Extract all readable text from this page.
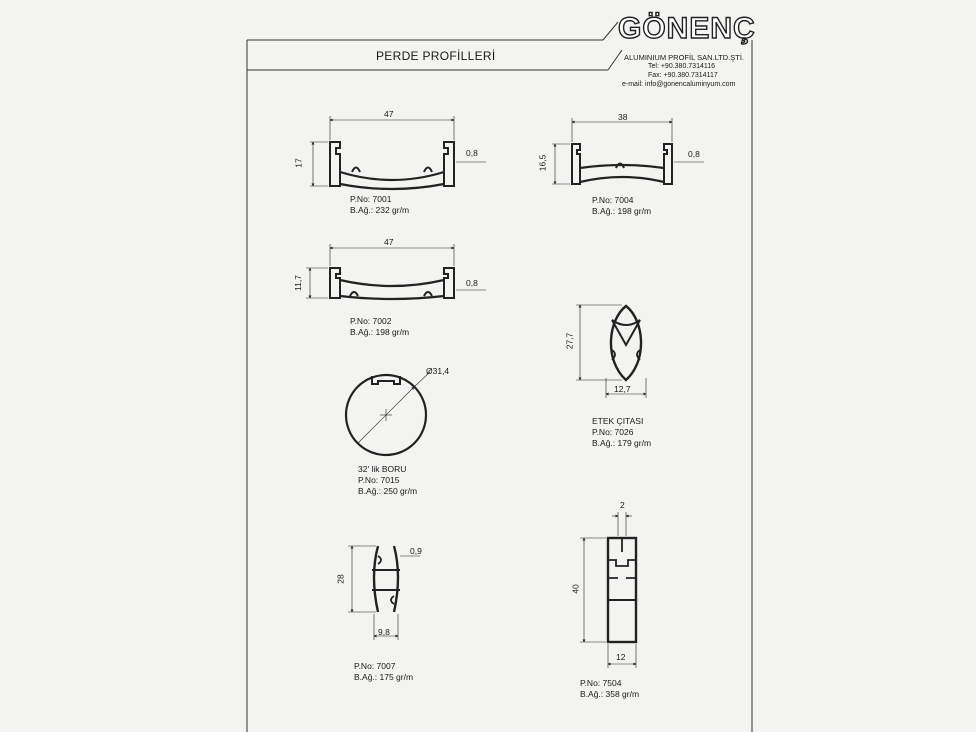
GÖNENÇ
PERDE PROFİLLERİ	ALUMINIUM PROFİL SAN.LTD.ŞTİ.
Tel: +90.380.7314116
Fax: +90.380.7314117
e-mail: info@gonencaluminyum.com
47
17
0,8
P.No: 7001
B.Ağ.: 232 gr/m
38
16,5
0,8
P.No: 7004
B.Ağ.: 198 gr/m
47
11,7	0,8
P.No: 7002
B.Ağ.: 198 gr/m
27,7
12,7
ETEK ÇITASI
P.No: 7026
B.Ağ.: 179 gr/m
Ø31,4
32' lik BORU
P.No: 7015
B.Ağ.: 250 gr/m
28
0,9
9,8
P.No: 7007
B.Ağ.: 175 gr/m
40
2
12
P.No: 7504
B.Ağ.: 358 gr/m
